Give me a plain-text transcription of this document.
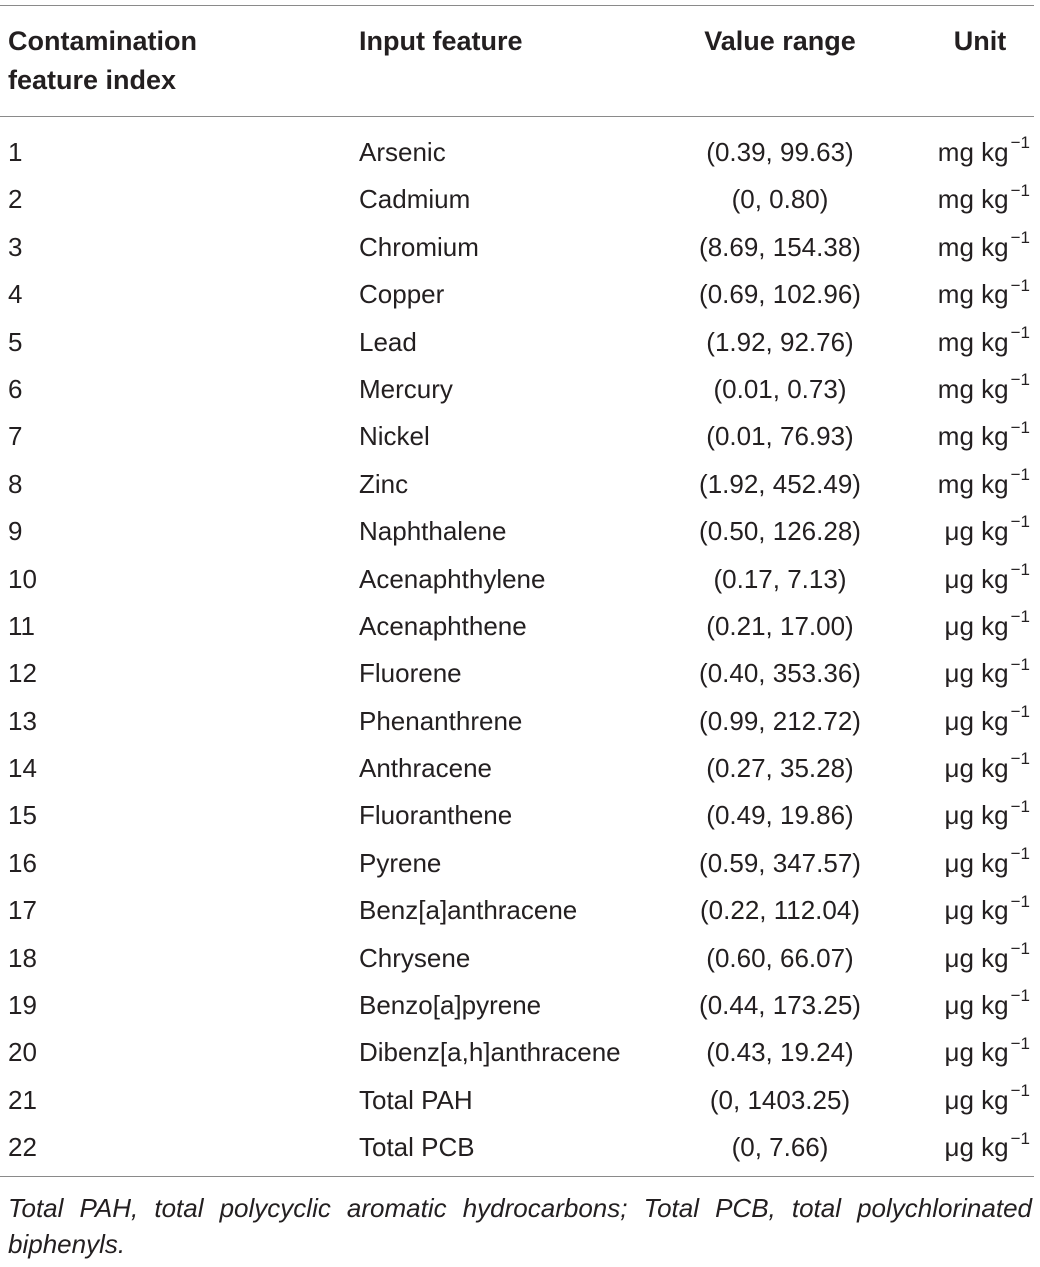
Contamination
feature index
Input feature	Value range	Unit
1	Arsenic	(0.39, 99.63)	mg kg $^{-1}$
2	Cadmium	(0, 0.80)	mg kg $^{-1}$
3	Chromium	(8.69, 154.38)	mg kg $^{-1}$
4	Copper	(0.69, 102.96)	mg kg $^{-1}$
5	Lead	(1.92, 92.76)	mg kg $^{-1}$
6	Mercury	(0.01, 0.73)	mg kg $^{-1}$
7	Nickel	(0.01, 76.93)	mg kg $^{-1}$
8	Zinc	(1.92, 452.49)	mg kg $^{-1}$
9	Naphthalene	(0.50, 126.28)	μg kg $^{-1}$
10	Acenaphthylene	(0.17, 7.13)	μg kg $^{-1}$
11	Acenaphthene	(0.21, 17.00)	μg kg $^{-1}$
12	Fluorene	(0.40, 353.36)	μg kg $^{-1}$
13	Phenanthrene	(0.99, 212.72)	μg kg $^{-1}$
14	Anthracene	(0.27, 35.28)	μg kg $^{-1}$
15	Fluoranthene	(0.49, 19.86)	μg kg $^{-1}$
16	Pyrene	(0.59, 347.57)	μg kg $^{-1}$
17	Benz[a]anthracene	(0.22, 112.04)	μg kg $^{-1}$
18	Chrysene	(0.60, 66.07)	μg kg $^{-1}$
19	Benzo[a]pyrene	(0.44, 173.25)	μg kg $^{-1}$
20	Dibenz[a,h]anthracene	(0.43, 19.24)	μg kg $^{-1}$
21	Total PAH	(0, 1403.25)	μg kg $^{-1}$
22	Total PCB	(0, 7.66)	μg kg $^{-1}$
Total PAH, total polycyclic aromatic hydrocarbons; Total PCB, total polychlorinated biphenyls.
